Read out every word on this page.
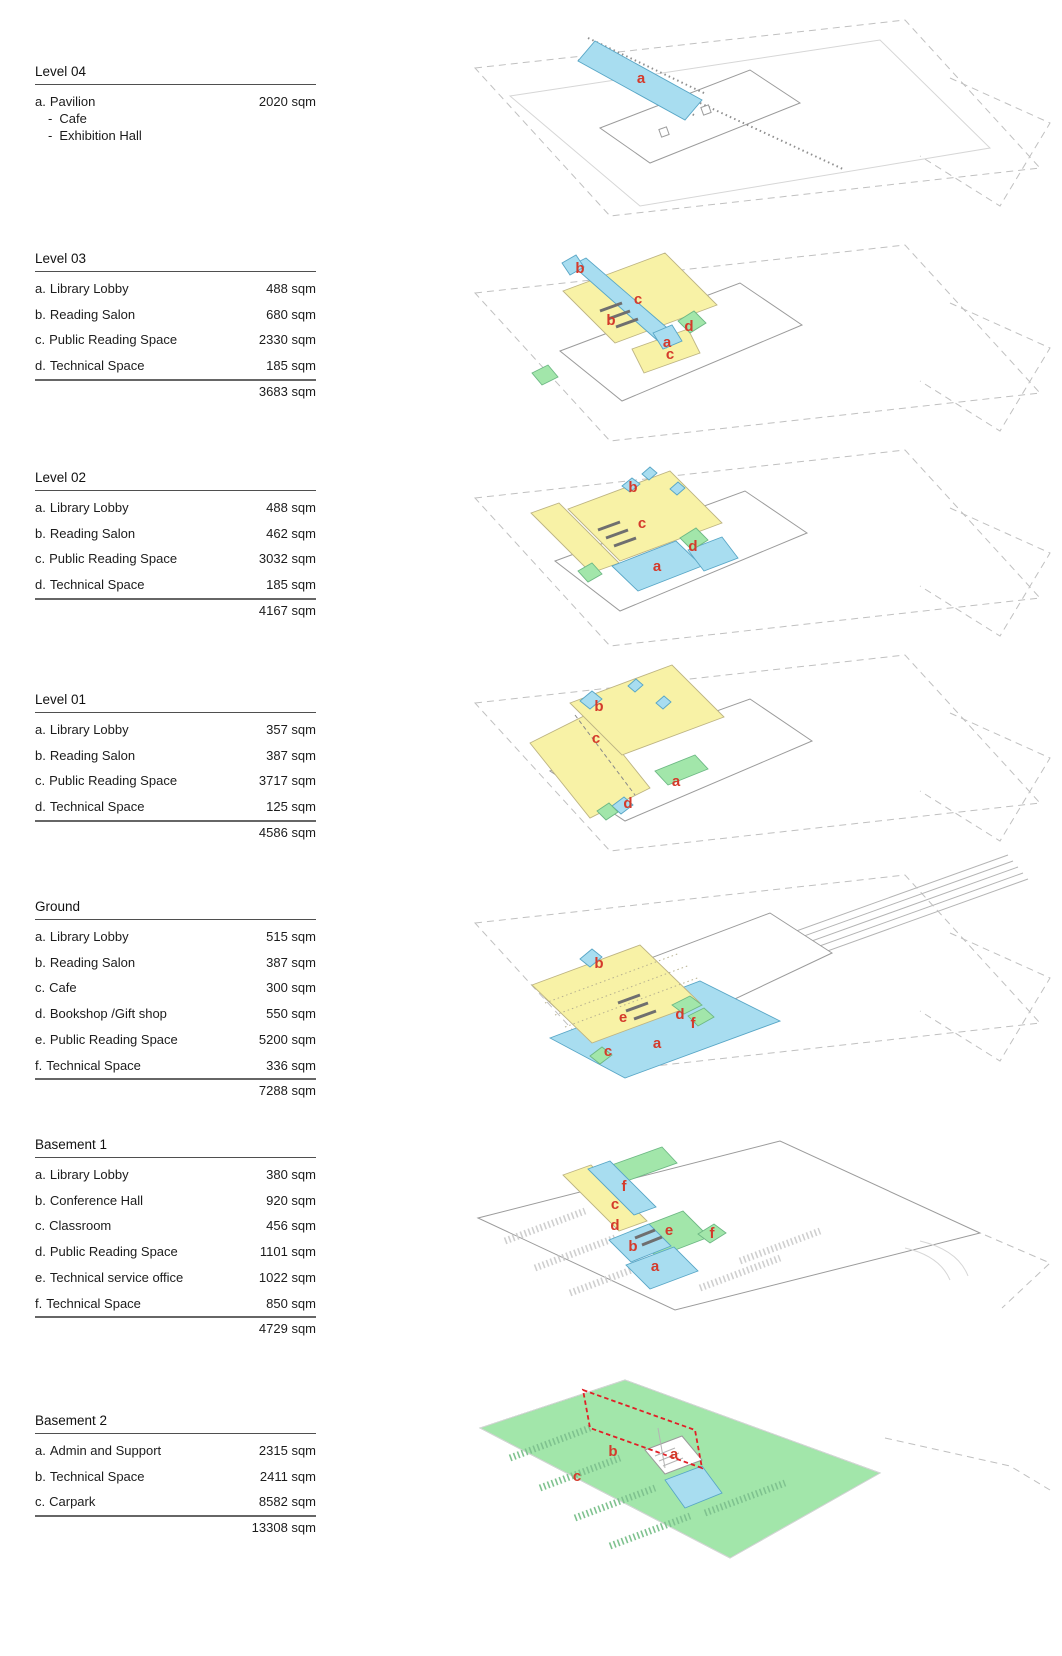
Level 04
a. Pavilion	2020 sqm
- Cafe
- Exhibition Hall
Level 03
a. Library Lobby	488 sqm
b. Reading Salon	680 sqm
c. Public Reading Space	2330 sqm
d. Technical Space	185 sqm
3683 sqm
Level 02
a. Library Lobby	488 sqm
b. Reading Salon	462 sqm
c. Public Reading Space	3032 sqm
d. Technical Space	185 sqm
4167 sqm
Level 01
a. Library Lobby	357 sqm
b. Reading Salon	387 sqm
c. Public Reading Space	3717 sqm
d. Technical Space	125 sqm
4586 sqm
Ground
a. Library Lobby	515 sqm
b. Reading Salon	387 sqm
c. Cafe	300 sqm
d. Bookshop /Gift shop	550 sqm
e. Public Reading Space	5200 sqm
f. Technical Space	336 sqm
7288 sqm
Basement 1
a. Library Lobby	380 sqm
b. Conference Hall	920 sqm
c. Classroom	456 sqm
d. Public Reading Space	1101 sqm
e. Technical service office	1022 sqm
f. Technical Space	850 sqm
4729 sqm
Basement 2
a. Admin and Support	2315 sqm
b. Technical Space	2411 sqm
c. Carpark	8582 sqm
13308 sqm
a
b
c
b	d
a
c
b
c
d
a
b
c
a
d
b
e	d
f
a
c
f
c
d	e f
b
a
b	a
c
